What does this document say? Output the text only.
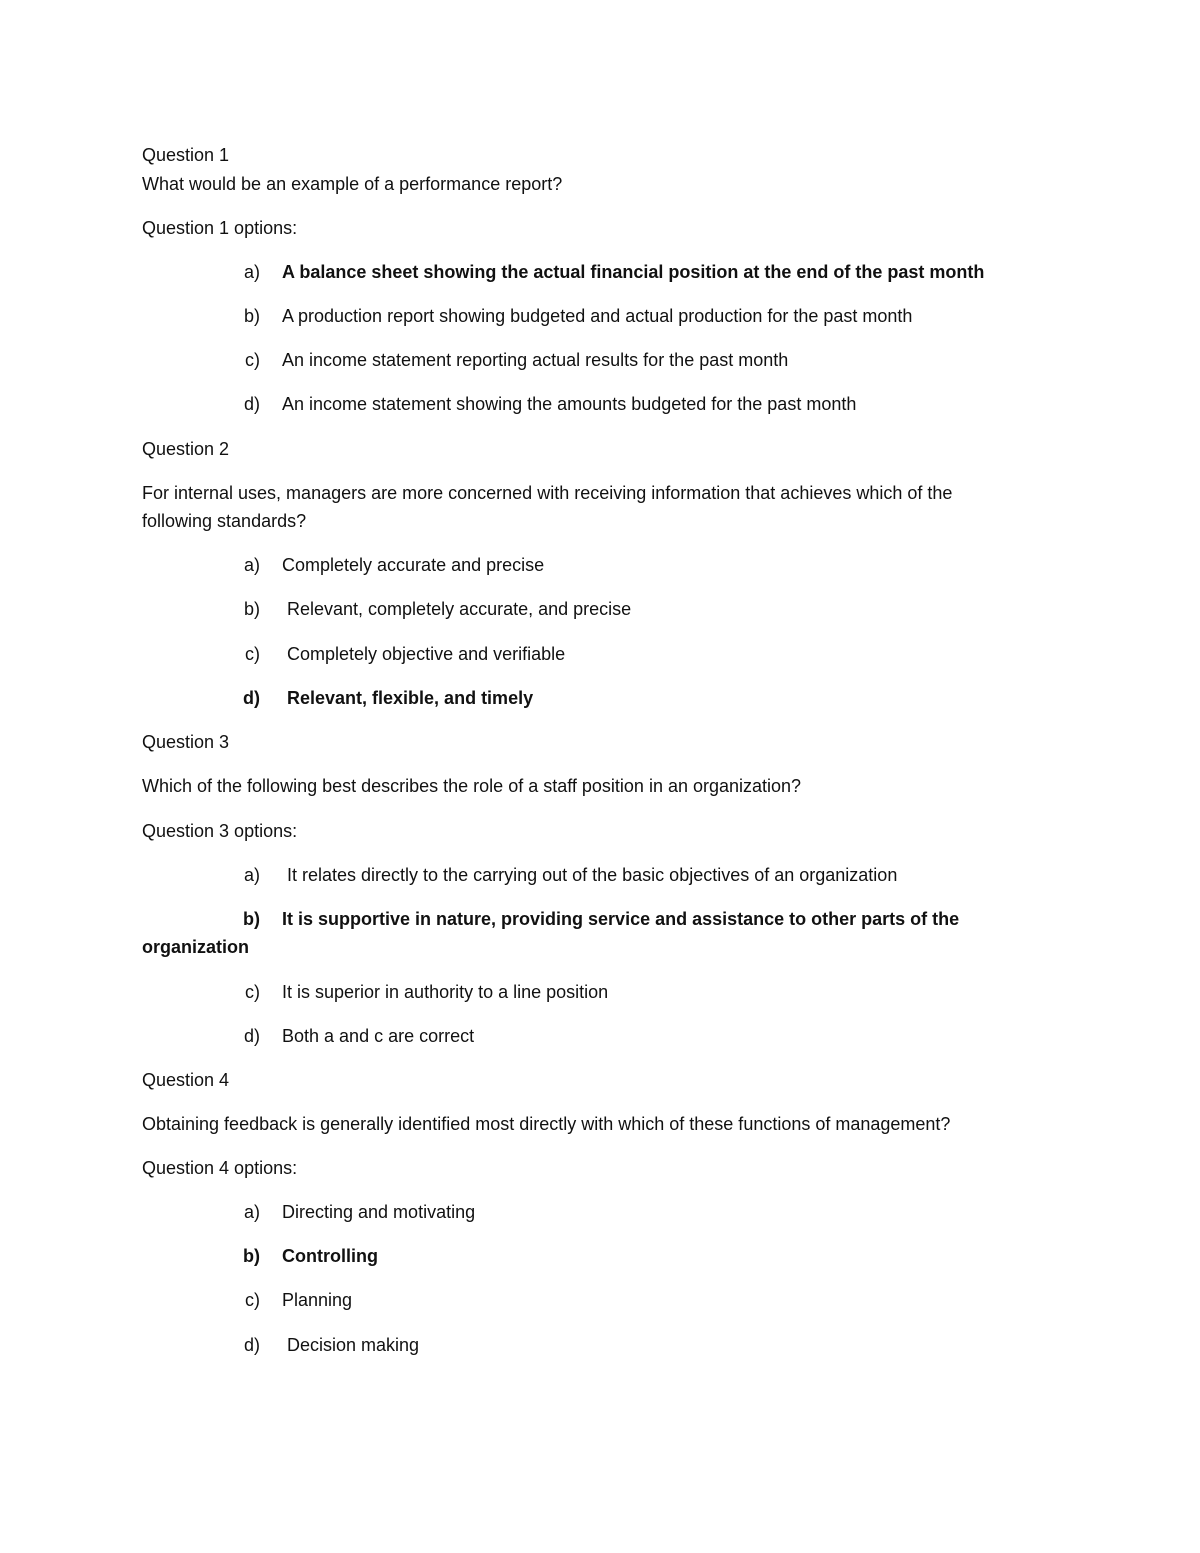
Question 1
What would be an example of a performance report?
Question 1 options:
a) A balance sheet showing the actual financial position at the end of the past month
b) A production report showing budgeted and actual production for the past month
c) An income statement reporting actual results for the past month
d) An income statement showing the amounts budgeted for the past month
Question 2
For internal uses, managers are more concerned with receiving information that achieves which of the
following standards?
a) Completely accurate and precise
b) Relevant, completely accurate, and precise
c) Completely objective and verifiable
d) Relevant, flexible, and timely
Question 3
Which of the following best describes the role of a staff position in an organization?
Question 3 options:
a) It relates directly to the carrying out of the basic objectives of an organization
b) It is supportive in nature, providing service and assistance to other parts of the
organization
c) It is superior in authority to a line position
d) Both a and c are correct
Question 4
Obtaining feedback is generally identified most directly with which of these functions of management?
Question 4 options:
a) Directing and motivating
b) Controlling
c) Planning
d) Decision making
